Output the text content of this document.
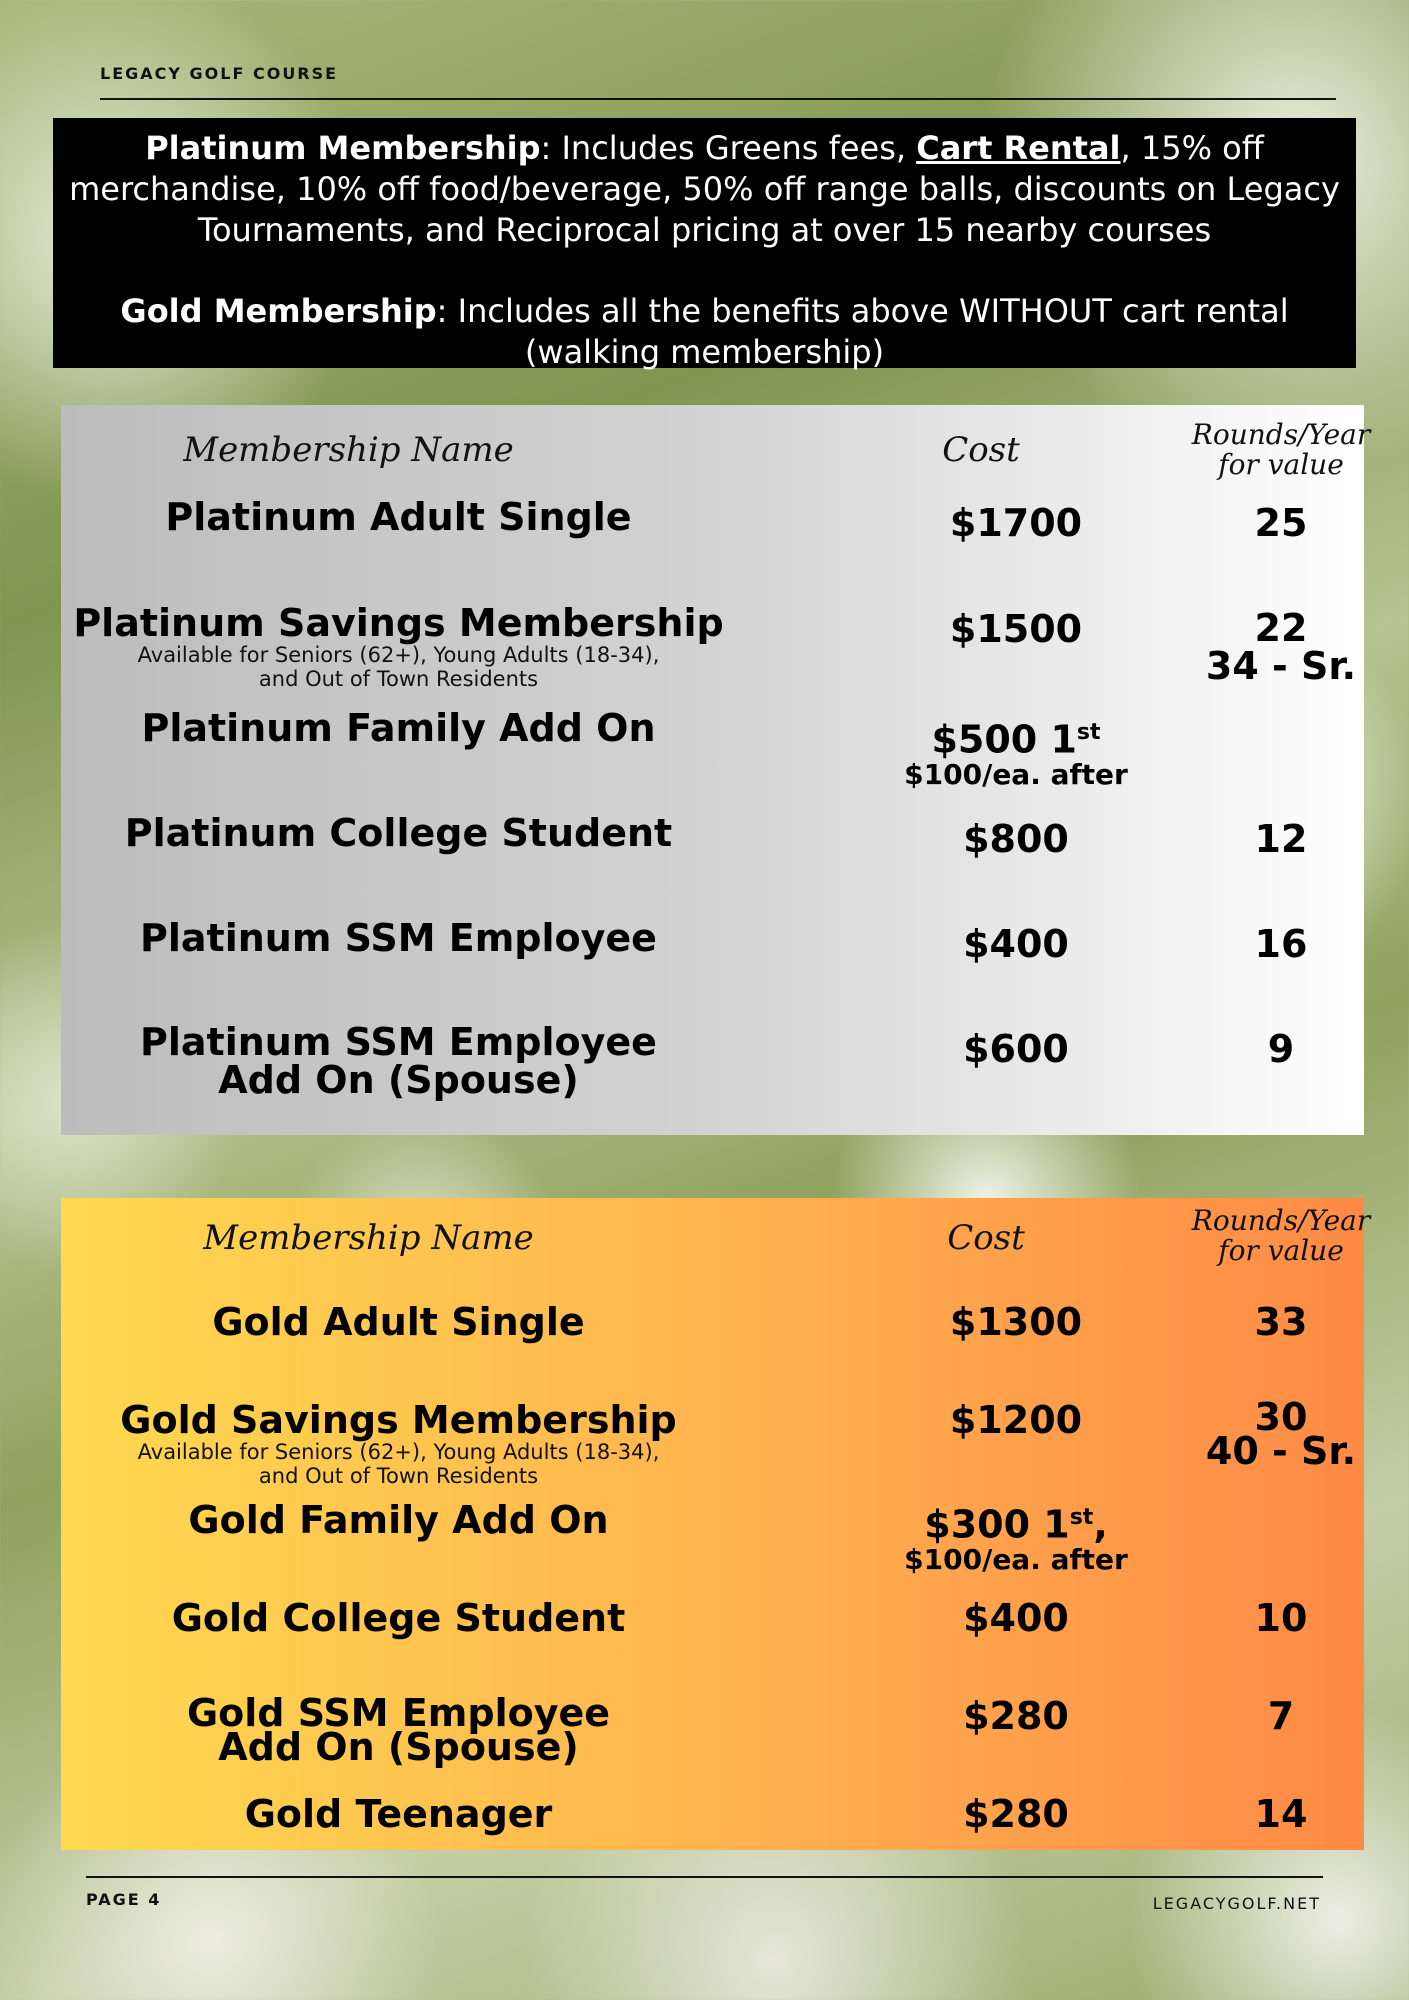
LEGACY GOLF COURSE

Platinum Membership: Includes Greens fees, Cart Rental, 15% off merchandise, 10% off food/beverage, 50% off range balls, discounts on Legacy Tournaments, and Reciprocal pricing at over 15 nearby courses

Gold Membership: Includes all the benefits above WITHOUT cart rental (walking membership)

Membership Name	Cost	Rounds/Year
for value
Platinum Adult Single	$1700	25
Platinum Savings Membership
Available for Seniors (62+), Young Adults (18-34),
and Out of Town Residents
$1500	22
34 - Sr.
Platinum Family Add On	$500 1st
$100/ea. after
Platinum College Student	$800	12
Platinum SSM Employee	$400	16
Platinum SSM Employee
Add On (Spouse)
$600	9
Membership Name	Cost	Rounds/Year
for value
Gold Adult Single	$1300	33
Gold Savings Membership
Available for Seniors (62+), Young Adults (18-34),
and Out of Town Residents
$1200	30
40 - Sr.
Gold Family Add On	$300 1st,
$100/ea. after
Gold College Student	$400	10
Gold SSM Employee
Add On (Spouse)
$280	7
Gold Teenager	$280	14
PAGE 4	LEGACYGOLF.NET
